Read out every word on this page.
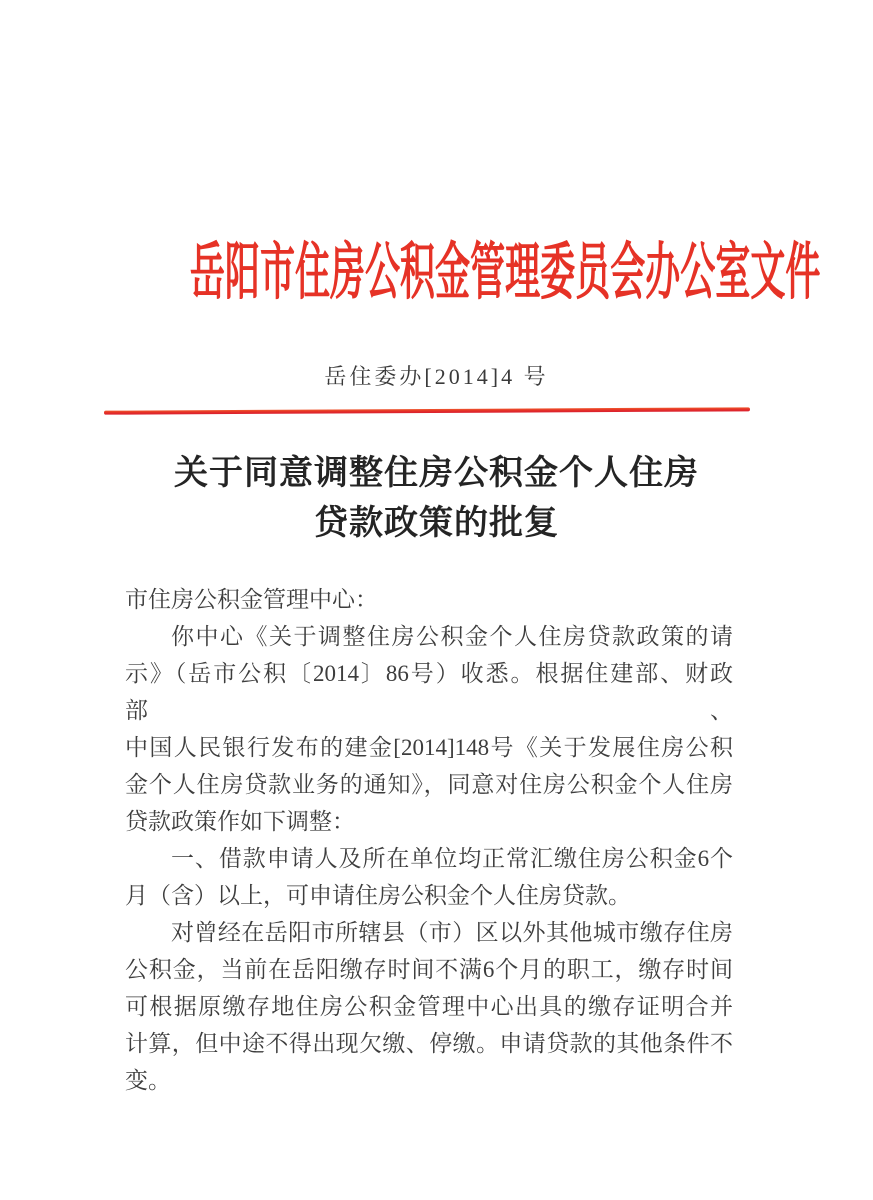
岳阳市住房公积金管理委员会办公室文件
岳住委办[2014]4 号
关于同意调整住房公积金个人住房
贷款政策的批复
市住房公积金管理中心：
你中心《关于调整住房公积金个人住房贷款政策的请
示》（岳市公积〔2014〕86号）收悉。根据住建部、财政部、
中国人民银行发布的建金[2014]148号《关于发展住房公积
金个人住房贷款业务的通知》，同意对住房公积金个人住房
贷款政策作如下调整：
一、借款申请人及所在单位均正常汇缴住房公积金6个
月（含）以上，可申请住房公积金个人住房贷款。
对曾经在岳阳市所辖县（市）区以外其他城市缴存住房
公积金，当前在岳阳缴存时间不满6个月的职工，缴存时间
可根据原缴存地住房公积金管理中心出具的缴存证明合并
计算，但中途不得出现欠缴、停缴。申请贷款的其他条件不
变。
